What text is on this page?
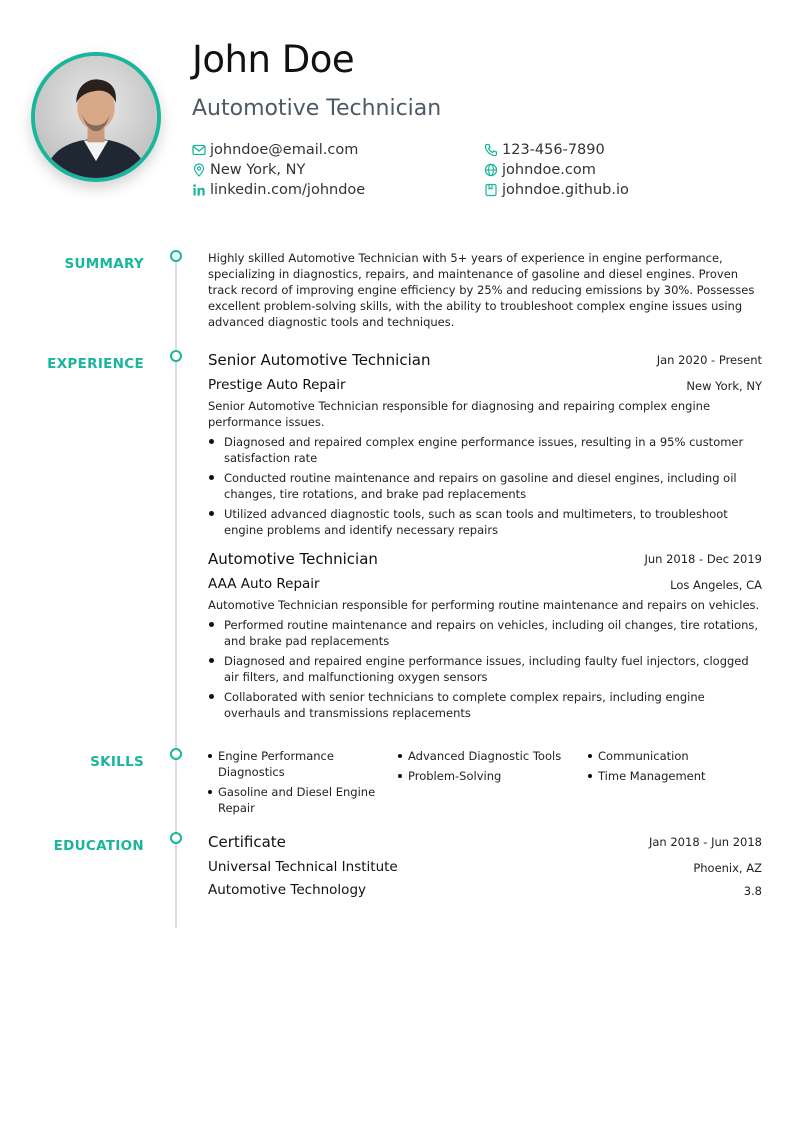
John Doe
Automotive Technician
johndoe@email.com	123-456-7890
New York, NY	johndoe.com
linkedin.com/johndoe	johndoe.github.io
SUMMARY	Highly skilled Automotive Technician with 5+ years of experience in engine performance, specializing in diagnostics, repairs, and maintenance of gasoline and diesel engines. Proven track record of improving engine efficiency by 25% and reducing emissions by 30%. Possesses excellent problem-solving skills, with the ability to troubleshoot complex engine issues using advanced diagnostic tools and techniques.

EXPERIENCE	Senior Automotive Technician	Jan 2020 - Present
Prestige Auto Repair	New York, NY

Senior Automotive Technician responsible for diagnosing and repairing complex engine performance issues.

Diagnosed and repaired complex engine performance issues, resulting in a 95% customer satisfaction rate
Conducted routine maintenance and repairs on gasoline and diesel engines, including oil changes, tire rotations, and brake pad replacements
Utilized advanced diagnostic tools, such as scan tools and multimeters, to troubleshoot engine problems and identify necessary repairs
Automotive Technician	Jun 2018 - Dec 2019
AAA Auto Repair	Los Angeles, CA

Automotive Technician responsible for performing routine maintenance and repairs on vehicles.

Performed routine maintenance and repairs on vehicles, including oil changes, tire rotations, and brake pad replacements
Diagnosed and repaired engine performance issues, including faulty fuel injectors, clogged air filters, and malfunctioning oxygen sensors
Collaborated with senior technicians to complete complex repairs, including engine overhauls and transmissions replacements
SKILLS	Engine Performance Diagnostics
Gasoline and Diesel Engine Repair
Advanced Diagnostic Tools
Problem-Solving
Communication
Time Management
EDUCATION	Certificate	Jan 2018 - Jun 2018
Universal Technical Institute	Phoenix, AZ
Automotive Technology	3.8
